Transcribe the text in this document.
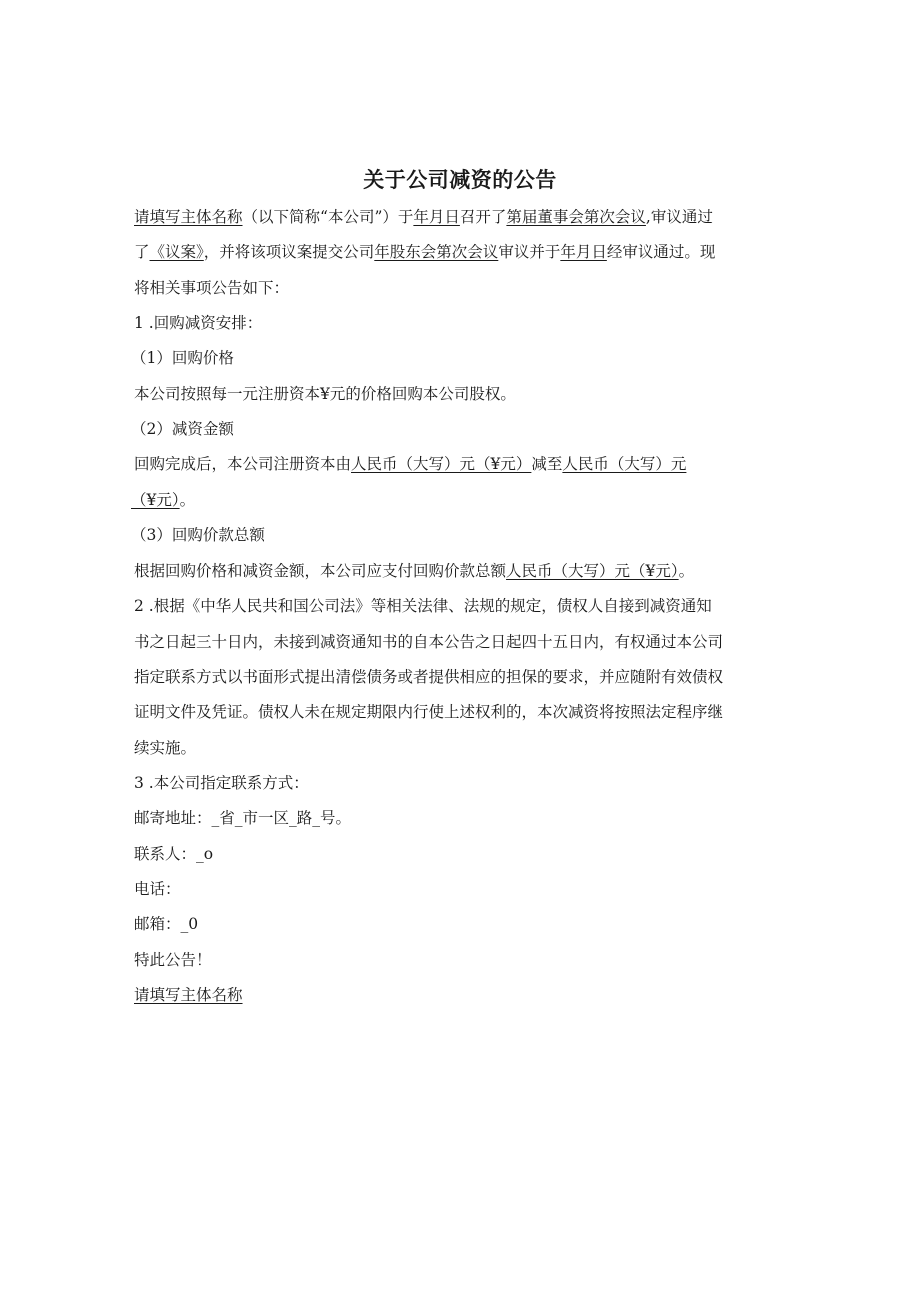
关于公司减资的公告
请填写主体名称（以下简称“本公司”）于年月日召开了第届董事会第次会议,审议通过
了《议案》，并将该项议案提交公司年股东会第次会议审议并于年月日经审议通过。现
将相关事项公告如下：
1 .回购减资安排：
（1）回购价格
本公司按照每一元注册资本¥元的价格回购本公司股权。
（2）减资金额
回购完成后，本公司注册资本由人民币（大写）元（¥元）减至人民币（大写）元
（¥元）。
（3）回购价款总额
根据回购价格和减资金额，本公司应支付回购价款总额人民币（大写）元（¥元）。
2 .根据《中华人民共和国公司法》等相关法律、法规的规定，债权人自接到减资通知
书之日起三十日内，未接到减资通知书的自本公告之日起四十五日内，有权通过本公司
指定联系方式以书面形式提出清偿债务或者提供相应的担保的要求，并应随附有效债权
证明文件及凭证。债权人未在规定期限内行使上述权利的，本次减资将按照法定程序继
续实施。
3 .本公司指定联系方式：
邮寄地址：_省_市一区_路_号。
联系人：_o
电话：
邮箱：_0
特此公告！
请填写主体名称
